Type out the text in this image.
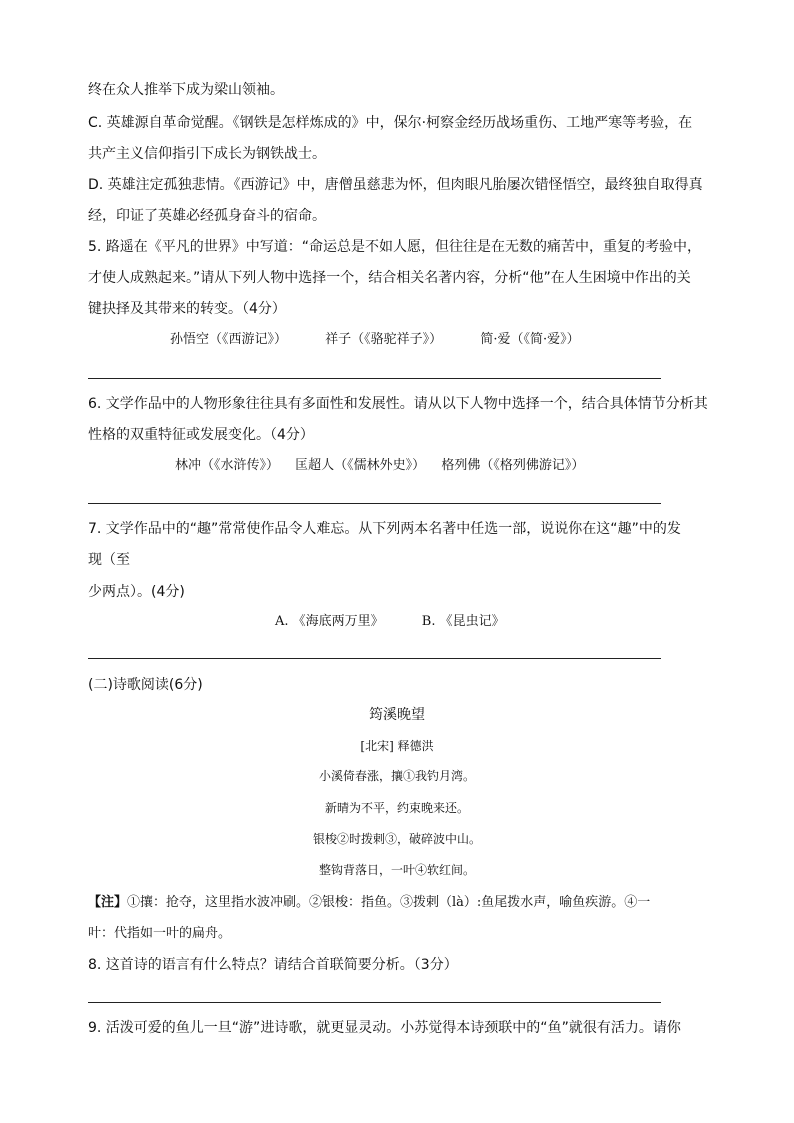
终在众人推举下成为梁山领袖。
C. 英雄源自革命觉醒。《钢铁是怎样炼成的》中，保尔·柯察金经历战场重伤、工地严寒等考验，在
共产主义信仰指引下成长为钢铁战士。
D. 英雄注定孤独悲情。《西游记》中，唐僧虽慈悲为怀，但肉眼凡胎屡次错怪悟空，最终独自取得真
经，印证了英雄必经孤身奋斗的宿命。
5. 路遥在《平凡的世界》中写道：“命运总是不如人愿，但往往是在无数的痛苦中，重复的考验中，
才使人成熟起来。”请从下列人物中选择一个，结合相关名著内容，分析“他”在人生困境中作出的关
键抉择及其带来的转变。（4分）
孙悟空（《西游记》）	祥子（《骆驼祥子》）	简·爱（《简·爱》）
6. 文学作品中的人物形象往往具有多面性和发展性。请从以下人物中选择一个，结合具体情节分析其
性格的双重特征或发展变化。（4分）
林冲（《水浒传》） 匡超人（《儒林外史》） 格列佛（《格列佛游记》）
7. 文学作品中的“趣”常常使作品令人难忘。从下列两本名著中任选一部，说说你在这“趣”中的发
现（至
少两点）。(4分)
A. 《海底两万里》	B. 《昆虫记》
(二)诗歌阅读(6分)
筠溪晚望
[北宋] 释德洪
小溪倚春涨，攘①我钓月湾。
新晴为不平，约束晚来还。
银梭②时拨剌③，破碎波中山。
整钩背落日，一叶④软红间。
【注】①攘：抢夺，这里指水波冲刷。②银梭：指鱼。③拨剌（là）:鱼尾拨水声，喻鱼疾游。④一
叶：代指如一叶的扁舟。
8. 这首诗的语言有什么特点？请结合首联简要分析。（3分）
9. 活泼可爱的鱼儿一旦“游”进诗歌，就更显灵动。小苏觉得本诗颈联中的“鱼”就很有活力。请你
